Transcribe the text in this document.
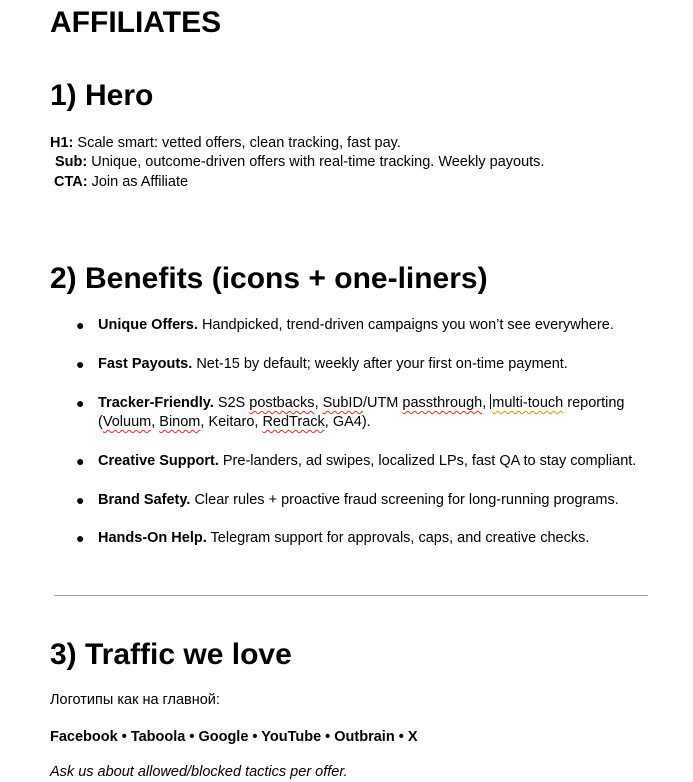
AFFILIATES
1) Hero
H1: Scale smart: vetted offers, clean tracking, fast pay.
Sub: Unique, outcome-driven offers with real-time tracking. Weekly payouts.
CTA: Join as Affiliate
2) Benefits (icons + one-liners)
● Unique Offers. Handpicked, trend-driven campaigns you won’t see everywhere.
● Fast Payouts. Net-15 by default; weekly after your first on-time payment.
● Tracker-Friendly. S2S postbacks, SubID/UTM passthrough, multi-touch reporting (Voluum, Binom, Keitaro, RedTrack, GA4).
● Creative Support. Pre-landers, ad swipes, localized LPs, fast QA to stay compliant.
● Brand Safety. Clear rules + proactive fraud screening for long-running programs.
● Hands-On Help. Telegram support for approvals, caps, and creative checks.
3) Traffic we love
Логотипы как на главной:
Facebook • Taboola • Google • YouTube • Outbrain • X
Ask us about allowed/blocked tactics per offer.
